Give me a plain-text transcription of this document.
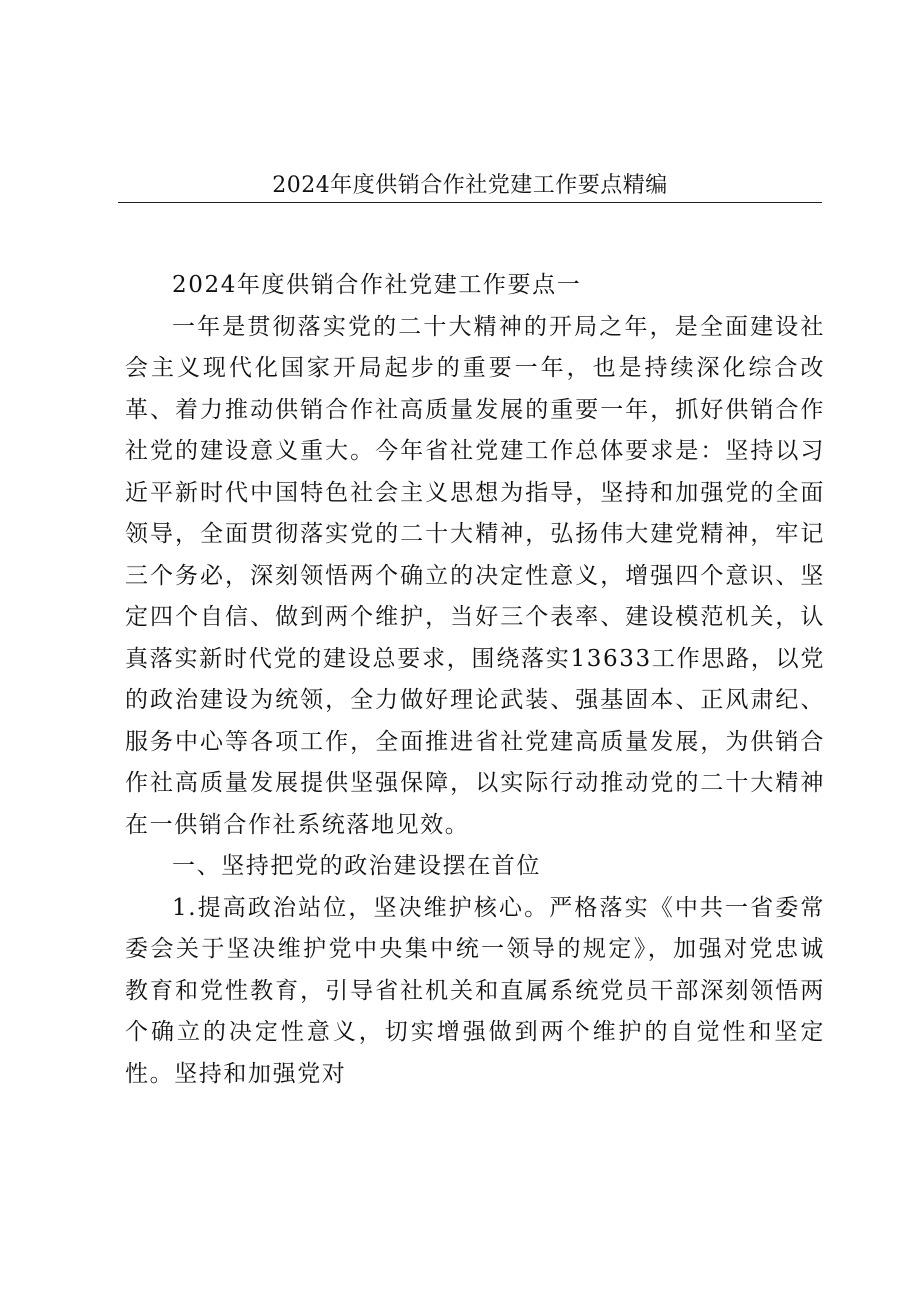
2024年度供销合作社党建工作要点精编

2024年度供销合作社党建工作要点一

一年是贯彻落实党的二十大精神的开局之年，是全面建设社会主义现代化国家开局起步的重要一年，也是持续深化综合改革、着力推动供销合作社高质量发展的重要一年，抓好供销合作社党的建设意义重大。今年省社党建工作总体要求是：坚持以习近平新时代中国特色社会主义思想为指导，坚持和加强党的全面领导，全面贯彻落实党的二十大精神，弘扬伟大建党精神，牢记三个务必，深刻领悟两个确立的决定性意义，增强四个意识、坚定四个自信、做到两个维护，当好三个表率、建设模范机关，认真落实新时代党的建设总要求，围绕落实13633工作思路，以党的政治建设为统领，全力做好理论武装、强基固本、正风肃纪、服务中心等各项工作，全面推进省社党建高质量发展，为供销合作社高质量发展提供坚强保障，以实际行动推动党的二十大精神在一供销合作社系统落地见效。

一、坚持把党的政治建设摆在首位

1.提高政治站位，坚决维护核心。严格落实《中共一省委常委会关于坚决维护党中央集中统一领导的规定》，加强对党忠诚教育和党性教育，引导省社机关和直属系统党员干部深刻领悟两个确立的决定性意义，切实增强做到两个维护的自觉性和坚定性。坚持和加强党对
